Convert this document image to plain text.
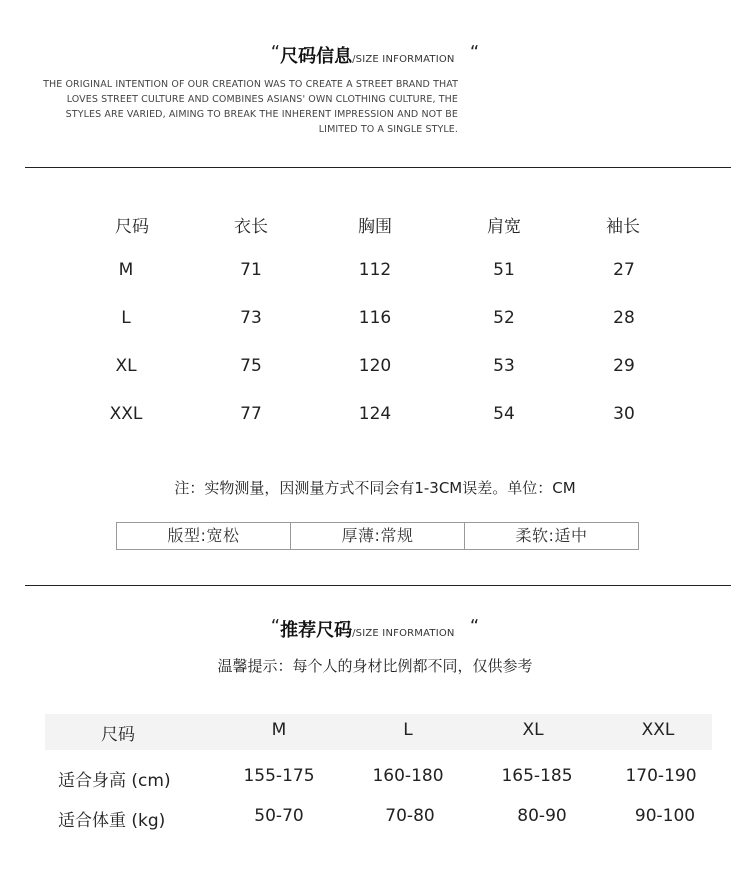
“尺码信息/SIZE INFORMATION “
THE ORIGINAL INTENTION OF OUR CREATION WAS TO CREATE A STREET BRAND THAT
LOVES STREET CULTURE AND COMBINES ASIANS' OWN CLOTHING CULTURE, THE
STYLES ARE VARIED, AIMING TO BREAK THE INHERENT IMPRESSION AND NOT BE
LIMITED TO A SINGLE STYLE.
尺码	衣长	胸围	肩宽	袖长
M	71	112	51	27
L	73	116	52	28
XL	75	120	53	29
XXL	77	124	54	30
注：实物测量，因测量方式不同会有1-3CM误差。单位：CM
版型:宽松	厚薄:常规	柔软:适中
“推荐尺码/SIZE INFORMATION “
温馨提示：每个人的身材比例都不同，仅供参考
尺码	M	L	XL	XXL
适合身高 (cm)	155-175	160-180	165-185	170-190
适合体重 (kg)	50-70	70-80	80-90	90-100
